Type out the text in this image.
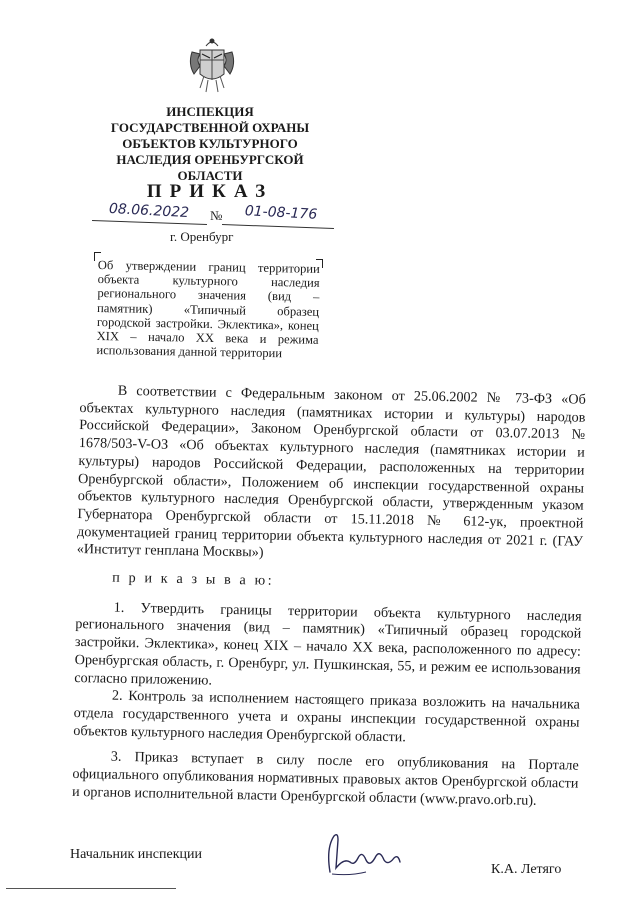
ИНСПЕКЦИЯ
ГОСУДАРСТВЕННОЙ ОХРАНЫ
ОБЪЕКТОВ КУЛЬТУРНОГО
НАСЛЕДИЯ ОРЕНБУРГСКОЙ
ОБЛАСТИ
ПРИКАЗ
08.06.2022	№	01-08-176
г. Оренбург
Об утверждении границ территории объекта культурного наследия регионального значения (вид – памятник) «Типичный образец городской застройки. Эклектика», конец XIX – начало XX века и режима использования данной территории

В соответствии с Федеральным законом от 25.06.2002 № 73-ФЗ «Об объектах культурного наследия (памятниках истории и культуры) народов Российской Федерации», Законом Оренбургской области от 03.07.2013 № 1678/503-V-ОЗ «Об объектах культурного наследия (памятниках истории и культуры) народов Российской Федерации, расположенных на территории Оренбургской области», Положением об инспекции государственной охраны объектов культурного наследия Оренбургской области, утвержденным указом Губернатора Оренбургской области от 15.11.2018 № 612-ук, проектной документацией границ территории объекта культурного наследия от 2021 г. (ГАУ «Институт генплана Москвы»)

п р и к а з ы в а ю:

1. Утвердить границы территории объекта культурного наследия регионального значения (вид – памятник) «Типичный образец городской застройки. Эклектика», конец XIX – начало XX века, расположенного по адресу: Оренбургская область, г. Оренбург, ул. Пушкинская, 55, и режим ее использования согласно приложению.

2. Контроль за исполнением настоящего приказа возложить на начальника отдела государственного учета и охраны инспекции государственной охраны объектов культурного наследия Оренбургской области.

3. Приказ вступает в силу после его опубликования на Портале официального опубликования нормативных правовых актов Оренбургской области и органов исполнительной власти Оренбургской области (www.pravo.orb.ru).

Начальник инспекции
К.А. Летяго
